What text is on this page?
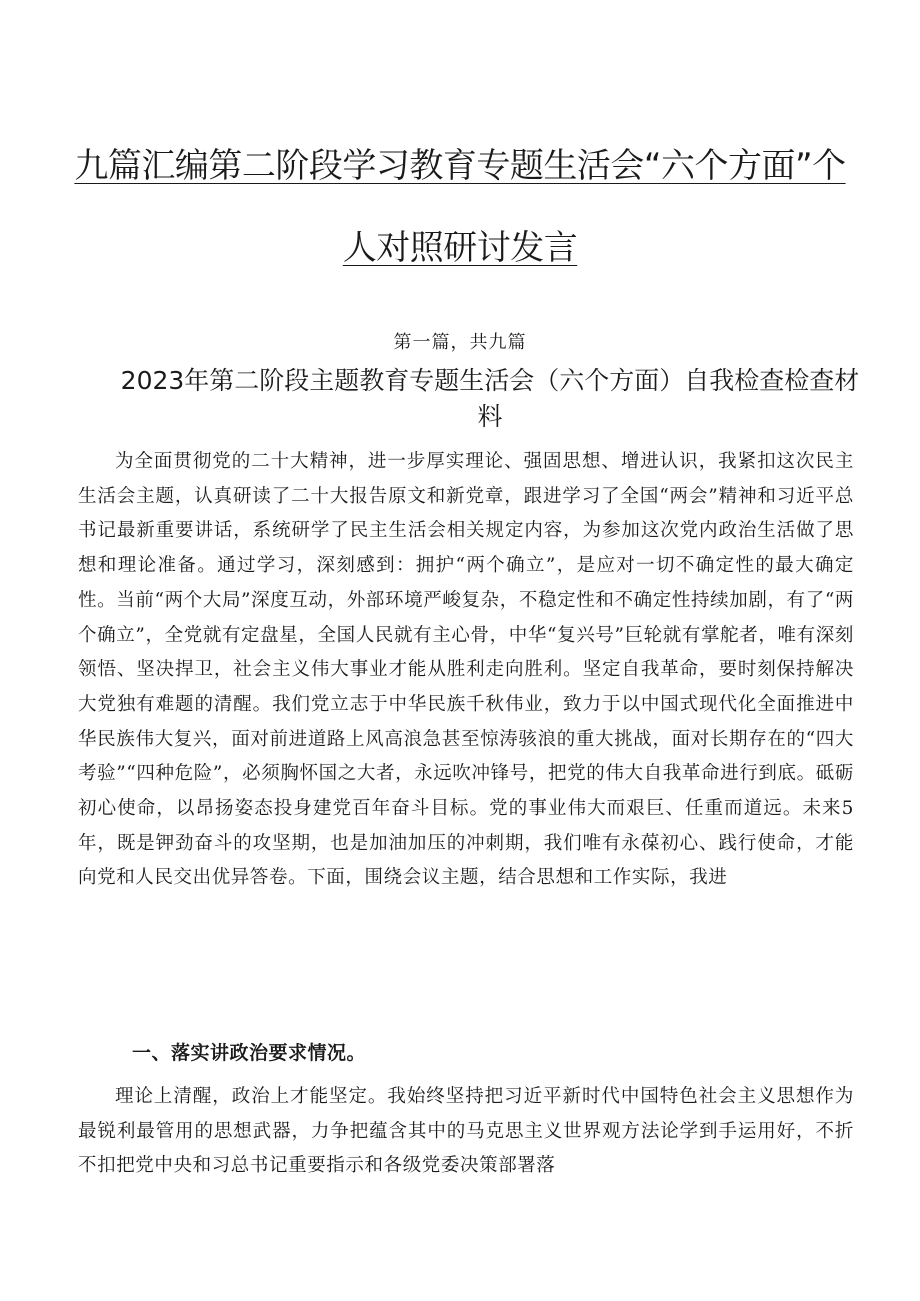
九篇汇编第二阶段学习教育专题生活会“六个方面”个
人对照研讨发言
第一篇，共九篇
2023年第二阶段主题教育专题生活会（六个方面）自我检查检查材料

为全面贯彻党的二十大精神，进一步厚实理论、强固思想、增进认识，我紧扣这次民主生活会主题，认真研读了二十大报告原文和新党章，跟进学习了全国“两会”精神和习近平总书记最新重要讲话，系统研学了民主生活会相关规定内容，为参加这次党内政治生活做了思想和理论准备。通过学习，深刻感到：拥护“两个确立”，是应对一切不确定性的最大确定性。当前“两个大局”深度互动，外部环境严峻复杂，不稳定性和不确定性持续加剧，有了“两个确立”，全党就有定盘星，全国人民就有主心骨，中华“复兴号”巨轮就有掌舵者，唯有深刻领悟、坚决捍卫，社会主义伟大事业才能从胜利走向胜利。坚定自我革命，要时刻保持解决大党独有难题的清醒。我们党立志于中华民族千秋伟业，致力于以中国式现代化全面推进中华民族伟大复兴，面对前进道路上风高浪急甚至惊涛骇浪的重大挑战，面对长期存在的“四大考验”“四种危险”，必须胸怀国之大者，永远吹冲锋号，把党的伟大自我革命进行到底。砥砺初心使命，以昂扬姿态投身建党百年奋斗目标。党的事业伟大而艰巨、任重而道远。未来5年，既是钾劲奋斗的攻坚期，也是加油加压的冲刺期，我们唯有永葆初心、践行使命，才能向党和人民交出优异答卷。下面，围绕会议主题，结合思想和工作实际，我进

一、落实讲政治要求情况。

理论上清醒，政治上才能坚定。我始终坚持把习近平新时代中国特色社会主义思想作为最锐利最管用的思想武器，力争把蕴含其中的马克思主义世界观方法论学到手运用好，不折不扣把党中央和习总书记重要指示和各级党委决策部署落
